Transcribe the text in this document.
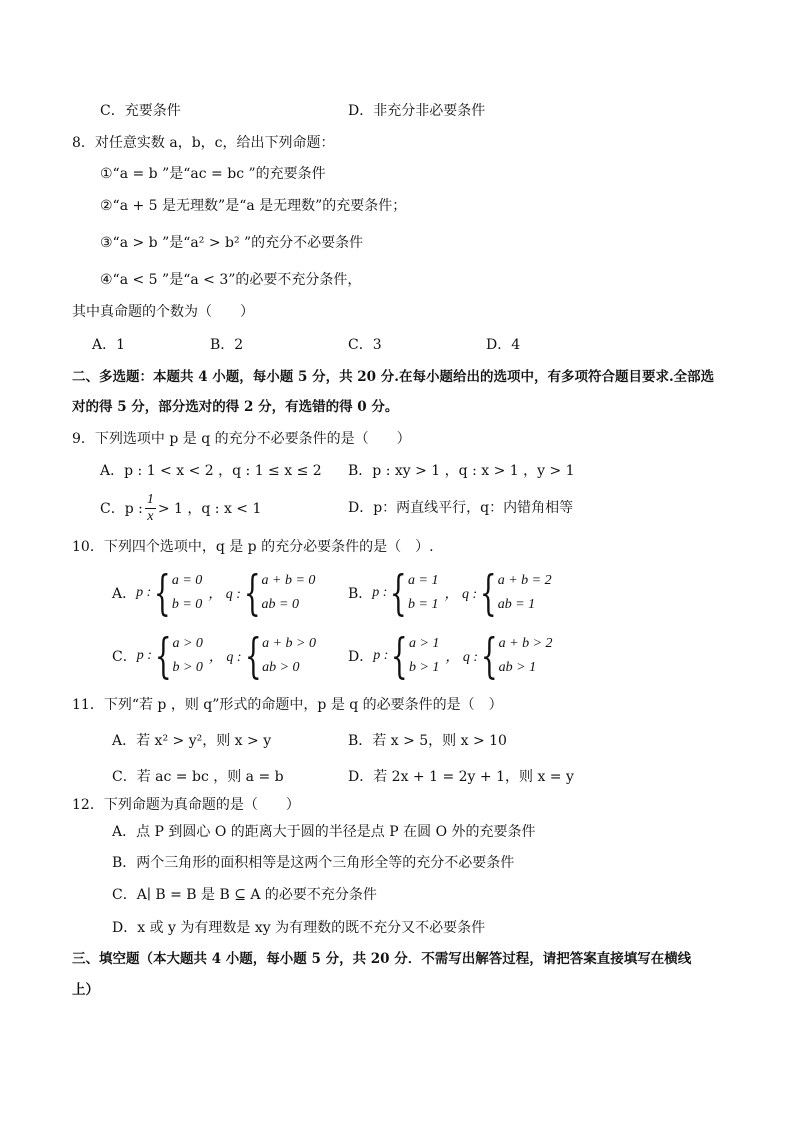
C．充要条件	D．非充分非必要条件
8．对任意实数 a，b，c，给出下列命题：
①“a = b ”是“ac = bc ”的充要条件
②“a + 5 是无理数”是“a 是无理数”的充要条件；
③“a > b ”是“a² > b² ”的充分不必要条件
④“a < 5 ”是“a < 3”的必要不充分条件，
其中真命题的个数为（　　）
A．1	B．2	C．3	D．4
二、多选题：本题共 4 小题，每小题 5 分，共 20 分.在每小题给出的选项中，有多项符合题目要求.全部选
对的得 5 分，部分选对的得 2 分，有选错的得 0 分。
9．下列选项中 p 是 q 的充分不必要条件的是（　　）
A．p : 1 < x < 2 ，q : 1 ≤ x ≤ 2 B．p : xy > 1 ，q : x > 1 ，y > 1
C．p : $\frac{1}{x} > 1$ ，q : x < 1	D．p：两直线平行，q：内错角相等
10．下列四个选项中，q 是 p 的充分必要条件的是（　）.
A． p : { a = 0
b = 0
， q : { a + b = 0
ab = 0
B． p : { a = 1
b = 1
， q : { a + b = 2
ab = 1
C． p : { a > 0
b > 0
， q : { a + b > 0
ab > 0
D． p : { a > 1
b > 1
， q : { a + b > 2
ab > 1
11．下列“若 p ，则 q”形式的命题中，p 是 q 的必要条件的是（　）
A．若 x² > y²，则 x > y	B．若 x > 5，则 x > 10
C．若 ac = bc ，则 a = b	D．若 2x + 1 = 2y + 1，则 x = y
12．下列命题为真命题的是（　　）
A．点 P 到圆心 O 的距离大于圆的半径是点 P 在圆 O 外的充要条件
B．两个三角形的面积相等是这两个三角形全等的充分不必要条件
C．A∣ B = B 是 B ⊆ A 的必要不充分条件
D．x 或 y 为有理数是 xy 为有理数的既不充分又不必要条件
三、填空题（本大题共 4 小题，每小题 5 分，共 20 分．不需写出解答过程，请把答案直接填写在横线
上）
